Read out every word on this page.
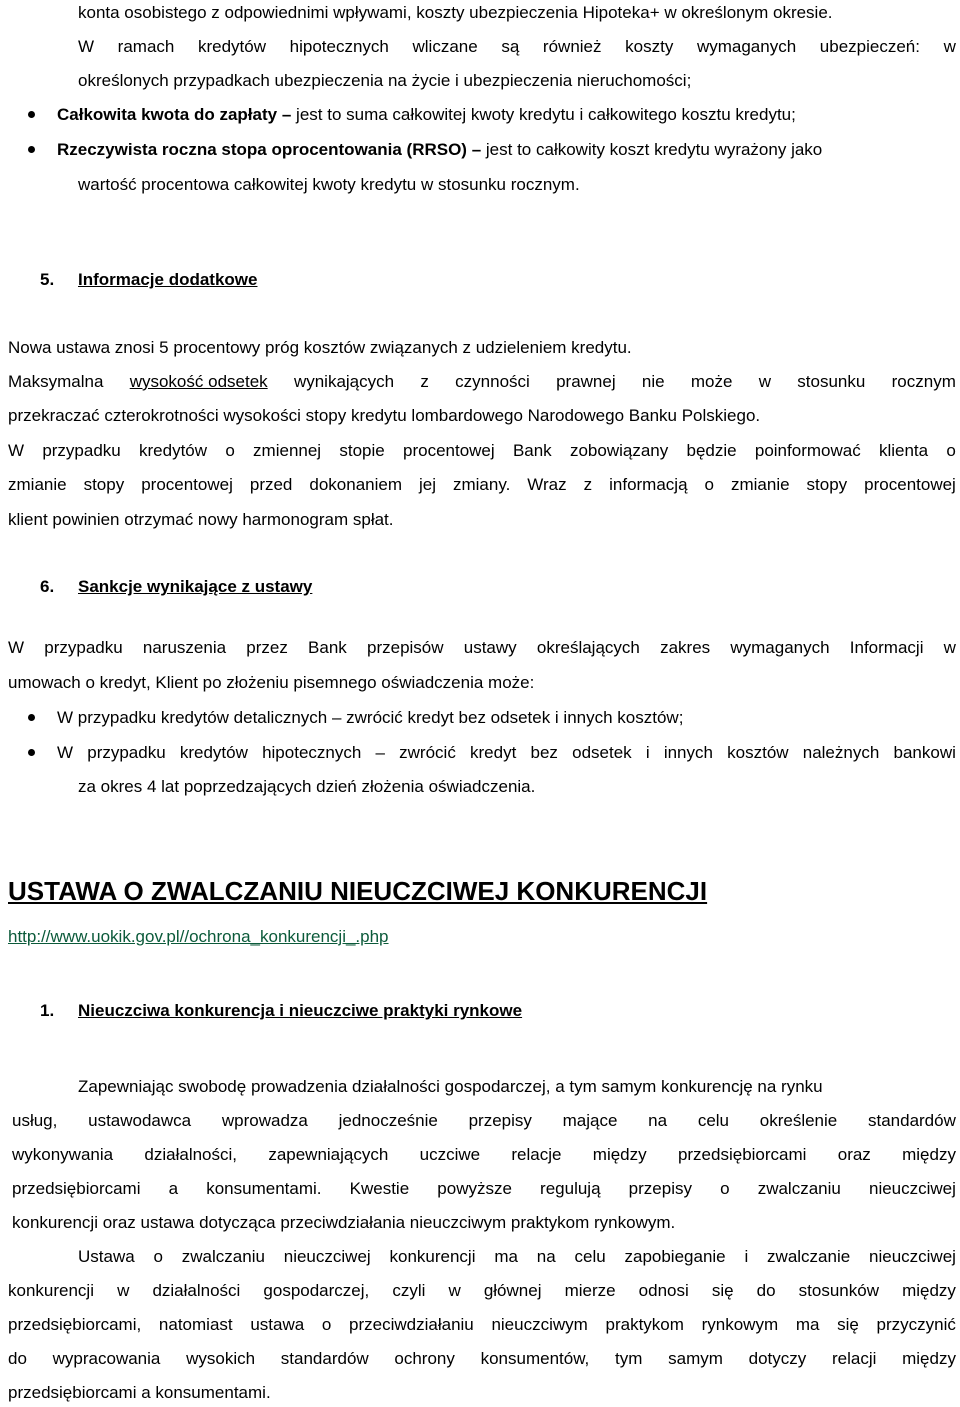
konta osobistego z odpowiednimi wpływami, koszty ubezpieczenia Hipoteka+ w określonym okresie.
W ramach kredytów hipotecznych wliczane są również koszty wymaganych ubezpieczeń: w
określonych przypadkach ubezpieczenia na życie i ubezpieczenia nieruchomości;
Całkowita kwota do zapłaty – jest to suma całkowitej kwoty kredytu i całkowitego kosztu kredytu;
Rzeczywista roczna stopa oprocentowania (RRSO) – jest to całkowity koszt kredytu wyrażony jako
wartość procentowa całkowitej kwoty kredytu w stosunku rocznym.
5. Informacje dodatkowe
Nowa ustawa znosi 5 procentowy próg kosztów związanych z udzieleniem kredytu.
Maksymalna wysokość odsetek wynikających z czynności prawnej nie może w stosunku rocznym
przekraczać czterokrotności wysokości stopy kredytu lombardowego Narodowego Banku Polskiego.
W przypadku kredytów o zmiennej stopie procentowej Bank zobowiązany będzie poinformować klienta o
zmianie stopy procentowej przed dokonaniem jej zmiany. Wraz z informacją o zmianie stopy procentowej
klient powinien otrzymać nowy harmonogram spłat.
6. Sankcje wynikające z ustawy
W przypadku naruszenia przez Bank przepisów ustawy określających zakres wymaganych Informacji w
umowach o kredyt, Klient po złożeniu pisemnego oświadczenia może:
W przypadku kredytów detalicznych – zwrócić kredyt bez odsetek i innych kosztów;
W przypadku kredytów hipotecznych – zwrócić kredyt bez odsetek i innych kosztów należnych bankowi
za okres 4 lat poprzedzających dzień złożenia oświadczenia.
USTAWA O ZWALCZANIU NIEUCZCIWEJ KONKURENCJI
http://www.uokik.gov.pl//ochrona_konkurencji_.php
1. Nieuczciwa konkurencja i nieuczciwe praktyki rynkowe
Zapewniając swobodę prowadzenia działalności gospodarczej, a tym samym konkurencję na rynku
usług, ustawodawca wprowadza jednocześnie przepisy mające na celu określenie standardów
wykonywania działalności, zapewniających uczciwe relacje między przedsiębiorcami oraz między
przedsiębiorcami a konsumentami. Kwestie powyższe regulują przepisy o zwalczaniu nieuczciwej
konkurencji oraz ustawa dotycząca przeciwdziałania nieuczciwym praktykom rynkowym.
Ustawa o zwalczaniu nieuczciwej konkurencji ma na celu zapobieganie i zwalczanie nieuczciwej
konkurencji w działalności gospodarczej, czyli w głównej mierze odnosi się do stosunków między
przedsiębiorcami, natomiast ustawa o przeciwdziałaniu nieuczciwym praktykom rynkowym ma się przyczynić
do wypracowania wysokich standardów ochrony konsumentów, tym samym dotyczy relacji między
przedsiębiorcami a konsumentami.
